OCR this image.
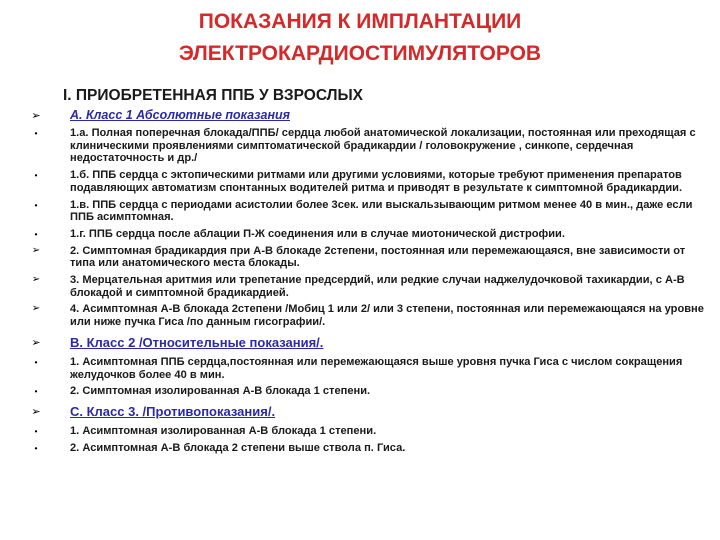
ПОКАЗАНИЯ К ИМПЛАНТАЦИИ
ЭЛЕКТРОКАРДИОСТИМУЛЯТОРОВ
I. ПРИОБРЕТЕННАЯ ППБ У ВЗРОСЛЫХ
➢ А. Класс 1 Абсолютные показания
•	1.а. Полная поперечная блокада/ППБ/ сердца любой анатомической локализации, постоянная или преходящая с клиническими проявлениями симптоматической брадикардии / головокружение , синкопе, сердечная недостаточность и др./
•	1.б. ППБ сердца с эктопическими ритмами или другими условиями, которые требуют применения препаратов подавляющих автоматизм спонтанных водителей ритма и приводят в результате к симптомной брадикардии.
•	1.в. ППБ сердца с периодами асистолии более 3сек. или выскальзывающим ритмом менее 40 в мин., даже если ППБ асимптомная.
•	1.г. ППБ сердца после аблации П-Ж соединения или в случае миотонической дистрофии.
➢	2. Симптомная брадикардия при А-В блокаде 2степени, постоянная или перемежающаяся, вне зависимости от типа или анатомического места блокады.
➢	3. Мерцательная аритмия или трепетание предсердий, или редкие случаи наджелудочковой тахикардии, с А-В блокадой и симптомной брадикардией.
➢	4. Асимптомная А-В блокада 2степени /Мобиц 1 или 2/ или 3 степени, постоянная или перемежающаяся на уровне или ниже пучка Гиса /по данным гисографии/.
➢ В. Класс 2 /Относительные показания/.
•	1. Асимптомная ППБ сердца,постоянная или перемежающаяся выше уровня пучка Гиса с числом сокращения желудочков более 40 в мин.
•	2. Симптомная изолированная А-В блокада 1 степени.
➢ С. Класс 3. /Противопоказания/.
•	1. Асимптомная изолированная А-В блокада 1 степени.
•	2. Асимптомная А-В блокада 2 степени выше ствола п. Гиса.
